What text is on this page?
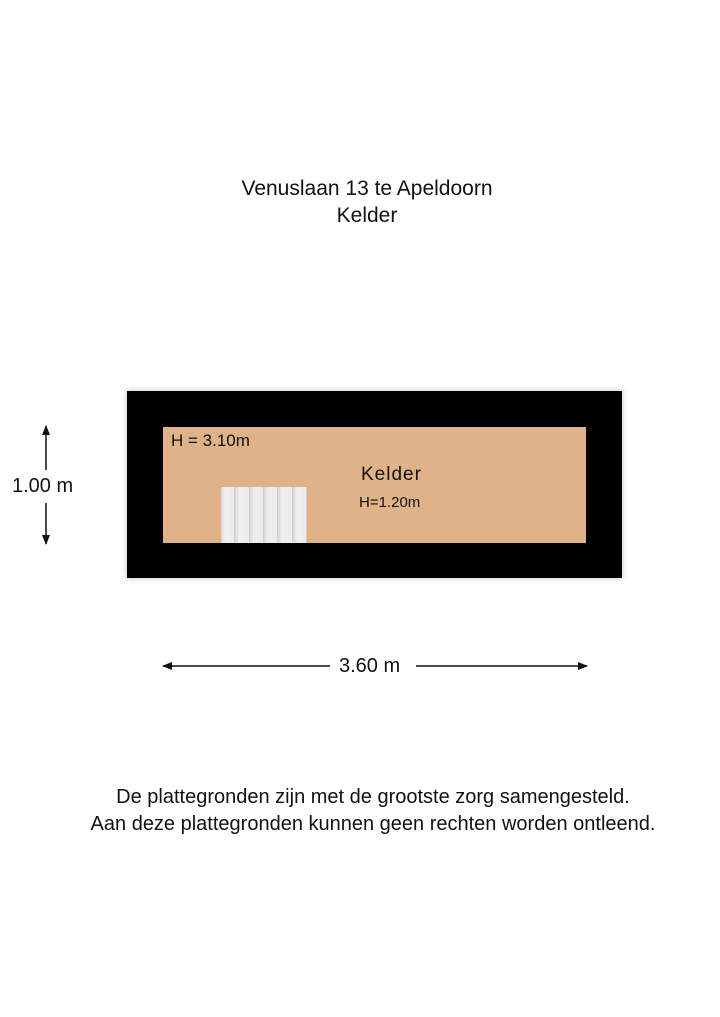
Venuslaan 13 te Apeldoorn
Kelder
H = 3.10m
Kelder
H=1.20m
1.00 m
3.60 m
De plattegronden zijn met de grootste zorg samengesteld.
Aan deze plattegronden kunnen geen rechten worden ontleend.
